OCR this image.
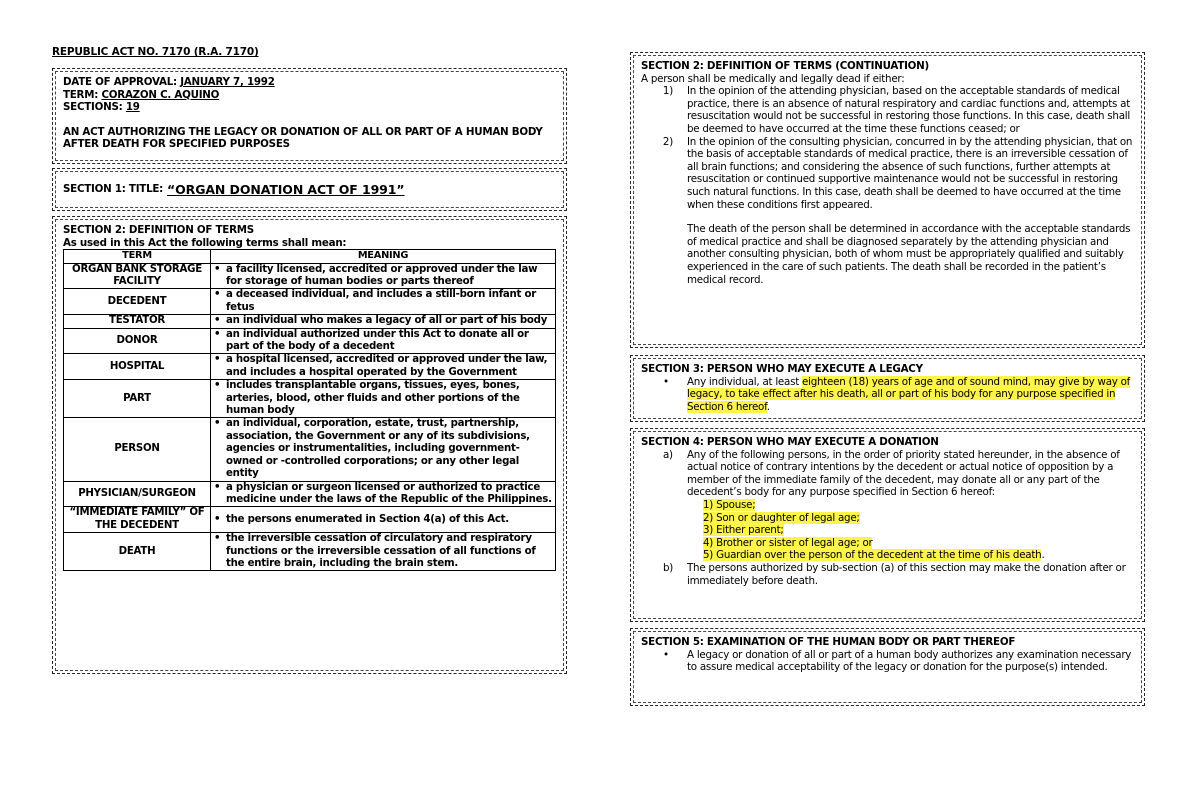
REPUBLIC ACT NO. 7170 (R.A. 7170)
DATE OF APPROVAL: JANUARY 7, 1992
TERM: CORAZON C. AQUINO
SECTIONS: 19
AN ACT AUTHORIZING THE LEGACY OR DONATION OF ALL OR PART OF A HUMAN BODY
AFTER DEATH FOR SPECIFIED PURPOSES
SECTION 1: TITLE: “ORGAN DONATION ACT OF 1991”
SECTION 2: DEFINITION OF TERMS
As used in this Act the following terms shall mean:
TERM	MEANING
ORGAN BANK STORAGE FACILITY	• a facility licensed, accredited or approved under the law for storage of human bodies or parts thereof

DECEDENT	• a deceased individual, and includes a still-born infant or fetus

TESTATOR	• an individual who makes a legacy of all or part of his body

DONOR	• an individual authorized under this Act to donate all or part of the body of a decedent

HOSPITAL	• a hospital licensed, accredited or approved under the law, and includes a hospital operated by the Government

PART	• includes transplantable organs, tissues, eyes, bones, arteries, blood, other fluids and other portions of the human body

PERSON	• an individual, corporation, estate, trust, partnership, association, the Government or any of its subdivisions, agencies or instrumentalities, including government-owned or -controlled corporations; or any other legal entity

PHYSICIAN/SURGEON	• a physician or surgeon licensed or authorized to practice medicine under the laws of the Republic of the Philippines.

“IMMEDIATE FAMILY” OF THE DECEDENT	• the persons enumerated in Section 4(a) of this Act.

DEATH	• the irreversible cessation of circulatory and respiratory functions or the irreversible cessation of all functions of the entire brain, including the brain stem.
SECTION 2: DEFINITION OF TERMS (CONTINUATION)
A person shall be medically and legally dead if either:
1)	In the opinion of the attending physician, based on the acceptable standards of medical practice, there is an absence of natural respiratory and cardiac functions and, attempts at resuscitation would not be successful in restoring those functions. In this case, death shall be deemed to have occurred at the time these functions ceased; or
2)	In the opinion of the consulting physician, concurred in by the attending physician, that on the basis of acceptable standards of medical practice, there is an irreversible cessation of all brain functions; and considering the absence of such functions, further attempts at resuscitation or continued supportive maintenance would not be successful in restoring such natural functions. In this case, death shall be deemed to have occurred at the time when these conditions first appeared.
The death of the person shall be determined in accordance with the acceptable standards of medical practice and shall be diagnosed separately by the attending physician and another consulting physician, both of whom must be appropriately qualified and suitably experienced in the care of such patients. The death shall be recorded in the patient’s medical record.
SECTION 3: PERSON WHO MAY EXECUTE A LEGACY
•	Any individual, at least eighteen (18) years of age and of sound mind, may give by way of legacy, to take effect after his death, all or part of his body for any purpose specified in Section 6 hereof.
SECTION 4: PERSON WHO MAY EXECUTE A DONATION
a)	Any of the following persons, in the order of priority stated hereunder, in the absence of actual notice of contrary intentions by the decedent or actual notice of opposition by a member of the immediate family of the decedent, may donate all or any part of the decedent’s body for any purpose specified in Section 6 hereof:
1) Spouse;
2) Son or daughter of legal age;
3) Either parent;
4) Brother or sister of legal age; or
5) Guardian over the person of the decedent at the time of his death.
b)	The persons authorized by sub-section (a) of this section may make the donation after or immediately before death.
SECTION 5: EXAMINATION OF THE HUMAN BODY OR PART THEREOF
•	A legacy or donation of all or part of a human body authorizes any examination necessary to assure medical acceptability of the legacy or donation for the purpose(s) intended.
